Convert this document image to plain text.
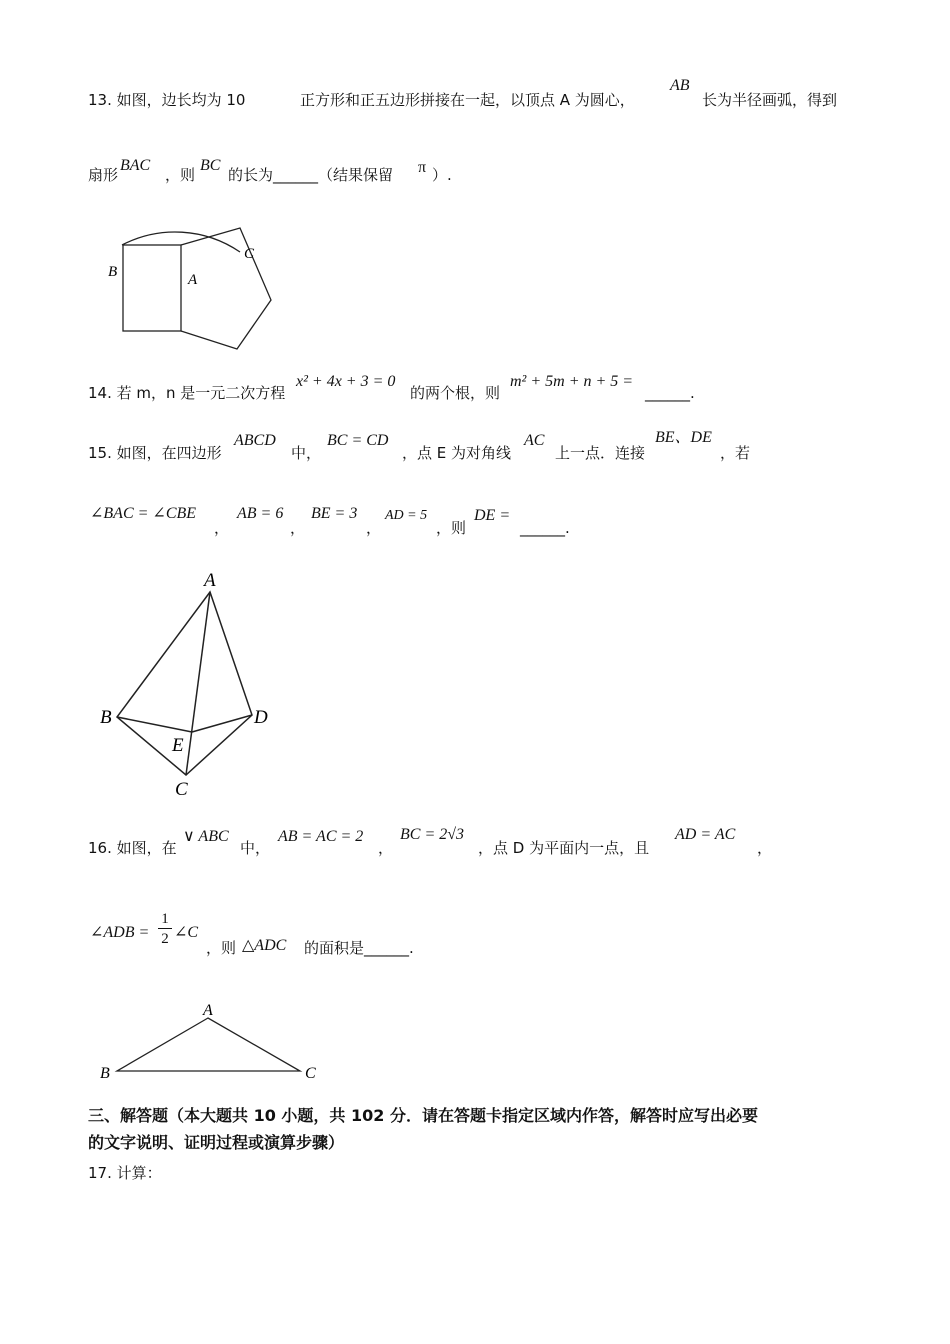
13. 如图，边长均为 10	正方形和正五边形拼接在一起，以顶点 A 为圆心，
AB
长为半径画弧，得到
扇形
BAC
，则
BC
的长为______（结果保留 π ）.
B	A
C
14. 若 m，n 是一元二次方程
x² + 4x + 3 = 0
的两个根，则
m² + 5m + n + 5 =
______.
15. 如图，在四边形
ABCD
中，
BC = CD
，点 E 为对角线
AC
上一点．连接
BE、DE
，若
∠BAC = ∠CBE
，
AB = 6
，
BE = 3
，
AD = 5
，则
DE =
______.
A
B	D
E
C
16. 如图，在
∨ ABC
中，
AB = AC = 2
，
BC = 2√3
，点 D 为平面内一点，且
AD = AC
，
∠ADB =
1
2 ∠C
，则 △ADC 的面积是______.
A
B	C
三、解答题（本大题共 10 小题，共 102 分．请在答题卡指定区域内作答，解答时应写出必要
的文字说明、证明过程或演算步骤）
17. 计算：
